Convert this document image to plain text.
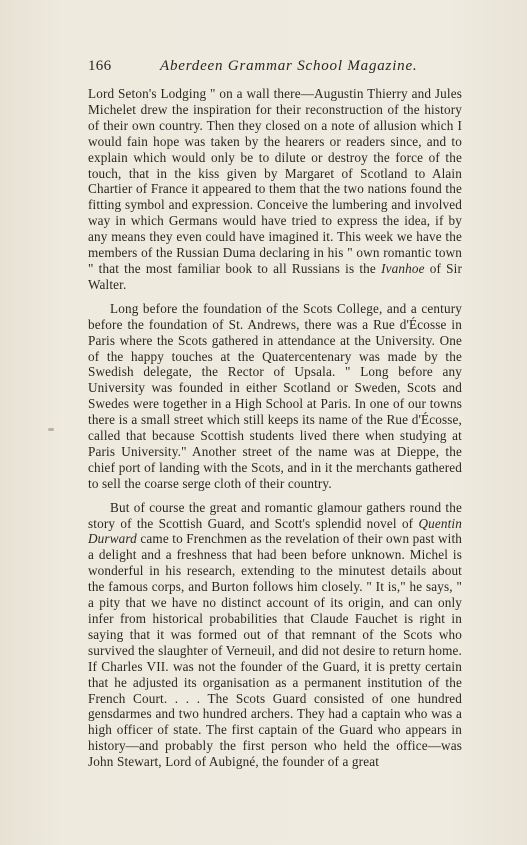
166	Aberdeen Grammar School Magazine.

Lord Seton's Lodging " on a wall there—Augustin Thierry and Jules Michelet drew the inspiration for their reconstruction of the history of their own country. Then they closed on a note of allusion which I would fain hope was taken by the hearers or readers since, and to explain which would only be to dilute or destroy the force of the touch, that in the kiss given by Margaret of Scotland to Alain Chartier of France it appeared to them that the two nations found the fitting symbol and expression. Conceive the lumbering and involved way in which Germans would have tried to express the idea, if by any means they even could have imagined it. This week we have the members of the Russian Duma declaring in his " own romantic town " that the most familiar book to all Russians is the Ivanhoe of Sir Walter.

Long before the foundation of the Scots College, and a century before the foundation of St. Andrews, there was a Rue d'Écosse in Paris where the Scots gathered in attendance at the University. One of the happy touches at the Quatercentenary was made by the Swedish delegate, the Rector of Upsala. " Long before any University was founded in either Scotland or Sweden, Scots and Swedes were together in a High School at Paris. In one of our towns there is a small street which still keeps its name of the Rue d'Écosse, called that because Scottish students lived there when studying at Paris University." Another street of the name was at Dieppe, the chief port of landing with the Scots, and in it the merchants gathered to sell the coarse serge cloth of their country.

But of course the great and romantic glamour gathers round the story of the Scottish Guard, and Scott's splendid novel of Quentin Durward came to Frenchmen as the revelation of their own past with a delight and a freshness that had been before unknown. Michel is wonderful in his research, extending to the minutest details about the famous corps, and Burton follows him closely. " It is," he says, " a pity that we have no distinct account of its origin, and can only infer from historical probabilities that Claude Fauchet is right in saying that it was formed out of that remnant of the Scots who survived the slaughter of Verneuil, and did not desire to return home. If Charles VII. was not the founder of the Guard, it is pretty certain that he adjusted its organisation as a permanent institution of the French Court. . . . The Scots Guard consisted of one hundred gensdarmes and two hundred archers. They had a captain who was a high officer of state. The first captain of the Guard who appears in history—and probably the first person who held the office—was John Stewart, Lord of Aubigné, the founder of a great
